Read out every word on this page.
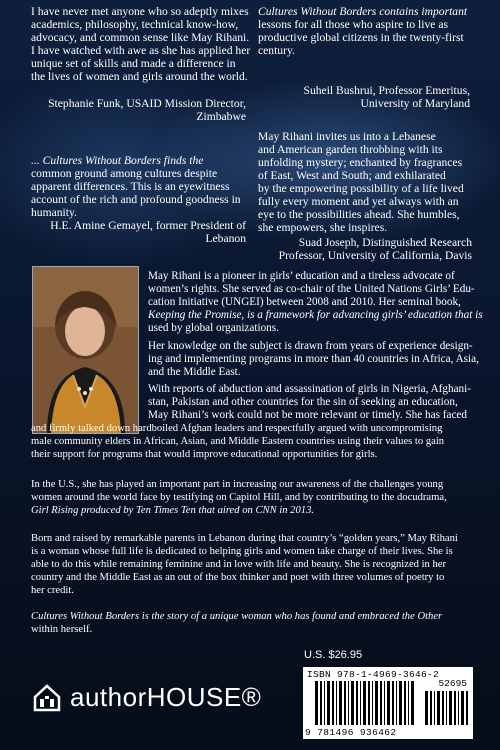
I have never met anyone who so adeptly mixes
academics, philosophy, technical know-how,
advocacy, and common sense like May Rihani.
I have watched with awe as she has applied her
unique set of skills and made a difference in
the lives of women and girls around the world.
Stephanie Funk, USAID Mission Director,
Zimbabwe
... Cultures Without Borders finds the
common ground among cultures despite
apparent differences. This is an eyewitness
account of the rich and profound goodness in
humanity.
H.E. Amine Gemayel, former President of
Lebanon
Cultures Without Borders contains important
lessons for all those who aspire to live as
productive global citizens in the twenty-first
century.
Suheil Bushrui, Professor Emeritus,
University of Maryland
May Rihani invites us into a Lebanese
and American garden throbbing with its
unfolding mystery; enchanted by fragrances
of East, West and South; and exhilarated
by the empowering possibility of a life lived
fully every moment and yet always with an
eye to the possibilities ahead. She humbles,
she empowers, she inspires.
Suad Joseph, Distinguished Research
Professor, University of California, Davis
May Rihani is a pioneer in girls’ education and a tireless advocate of
women’s rights. She served as co-chair of the United Nations Girls’ Edu-
cation Initiative (UNGEI) between 2008 and 2010. Her seminal book,
Keeping the Promise, is a framework for advancing girls’ education that is
used by global organizations.
Her knowledge on the subject is drawn from years of experience design-
ing and implementing programs in more than 40 countries in Africa, Asia,
and the Middle East.
With reports of abduction and assassination of girls in Nigeria, Afghani-
stan, Pakistan and other countries for the sin of seeking an education,
May Rihani’s work could not be more relevant or timely. She has faced
and firmly talked down hardboiled Afghan leaders and respectfully argued with uncompromising
male community elders in African, Asian, and Middle Eastern countries using their values to gain
their support for programs that would improve educational opportunities for girls.
In the U.S., she has played an important part in increasing our awareness of the challenges young
women around the world face by testifying on Capitol Hill, and by contributing to the docudrama,
Girl Rising produced by Ten Times Ten that aired on CNN in 2013.
Born and raised by remarkable parents in Lebanon during that country’s “golden years,” May Rihani
is a woman whose full life is dedicated to helping girls and women take charge of their lives. She is
able to do this while remaining feminine and in love with life and beauty. She is recognized in her
country and the Middle East as an out of the box thinker and poet with three volumes of poetry to
her credit.
Cultures Without Borders is the story of a unique woman who has found and embraced the Other
within herself.
U.S. $26.95
ISBN 978-1-4969-3646-2
52695
9 781496 936462
authorHOUSE®
